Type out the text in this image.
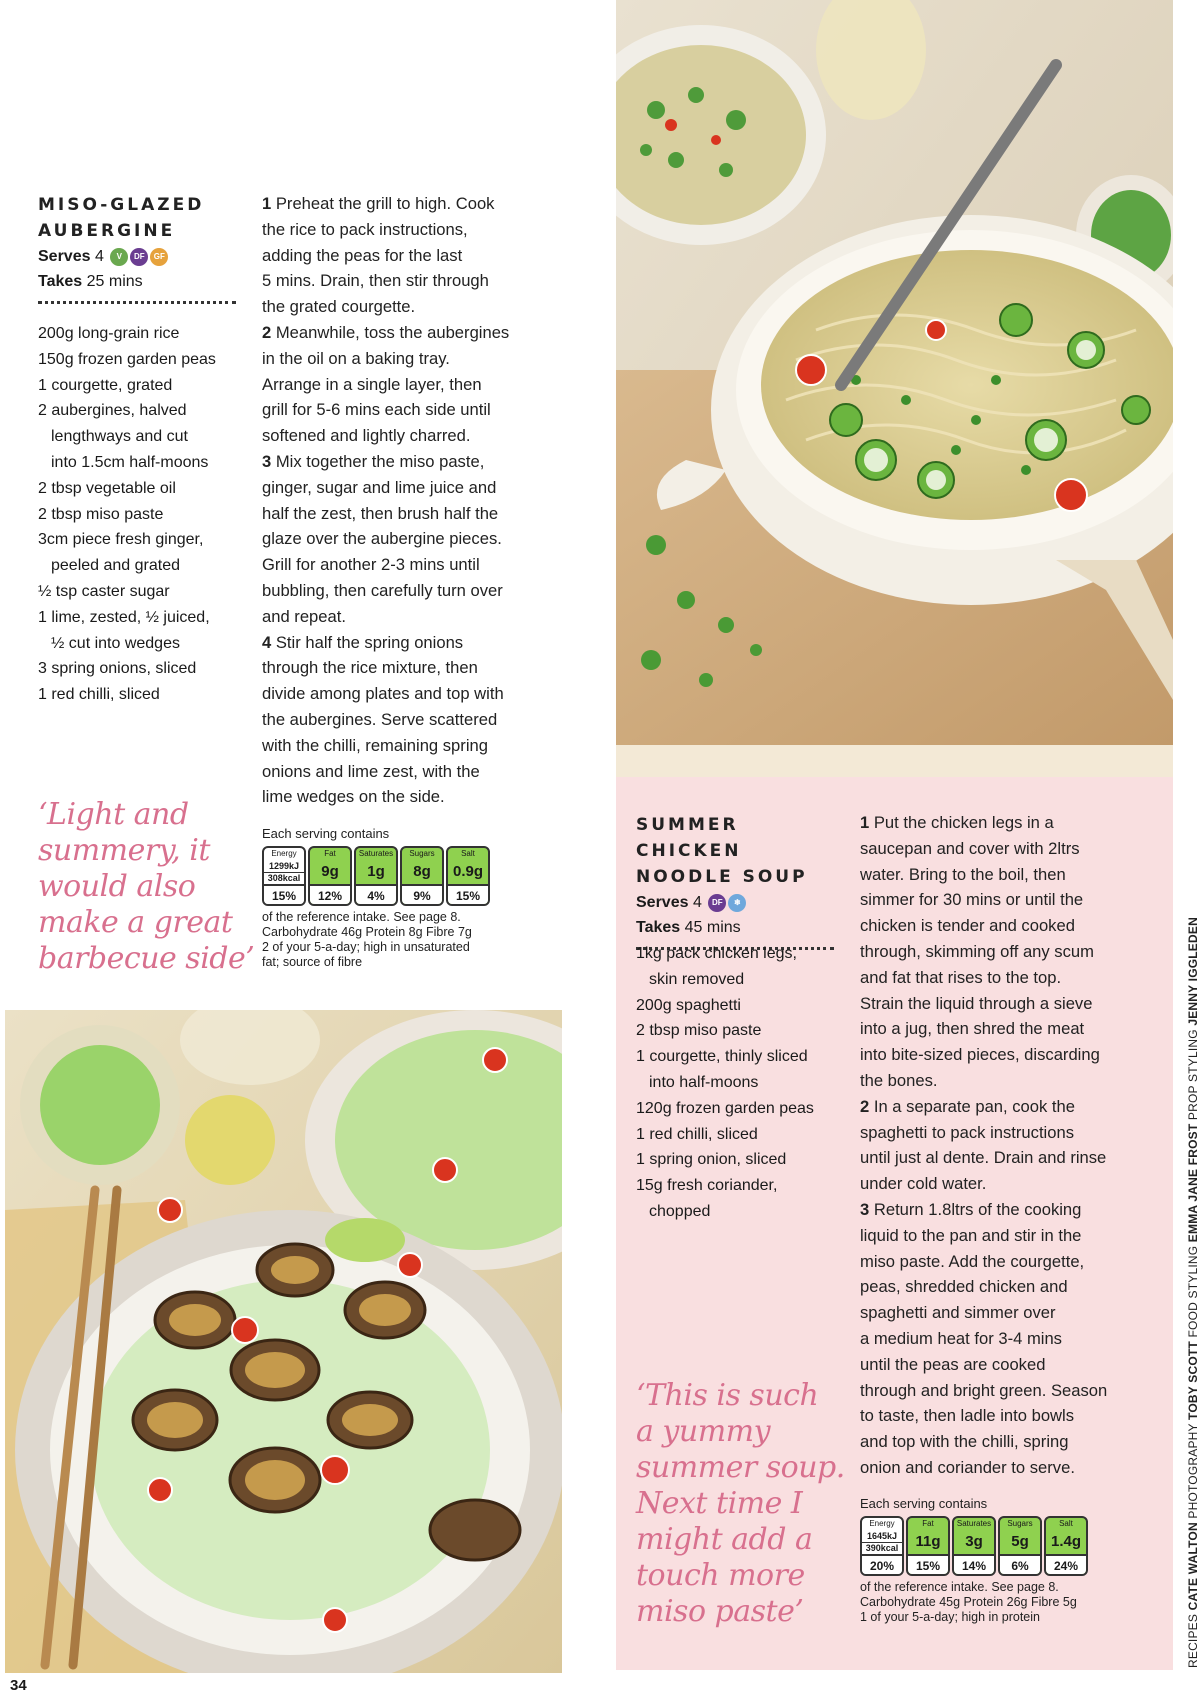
MISO-GLAZED
AUBERGINE
Serves 4 V DF GF
Takes 25 mins
200g long-grain rice
150g frozen garden peas
1 courgette, grated
2 aubergines, halved
lengthways and cut
into 1.5cm half-moons
2 tbsp vegetable oil
2 tbsp miso paste
3cm piece fresh ginger,
peeled and grated
½ tsp caster sugar
1 lime, zested, ½ juiced,
½ cut into wedges
3 spring onions, sliced
1 red chilli, sliced

1 Preheat the grill to high. Cook
the rice to pack instructions,
adding the peas for the last
5 mins. Drain, then stir through
the grated courgette.

2 Meanwhile, toss the aubergines
in the oil on a baking tray.
Arrange in a single layer, then
grill for 5-6 mins each side until
softened and lightly charred.

3 Mix together the miso paste,
ginger, sugar and lime juice and
half the zest, then brush half the
glaze over the aubergine pieces.
Grill for another 2-3 mins until
bubbling, then carefully turn over
and repeat.

4 Stir half the spring onions
through the rice mixture, then
divide among plates and top with
the aubergines. Serve scattered
with the chilli, remaining spring
onions and lime zest, with the
lime wedges on the side.

‘Light and
summery, it
would also
make a great
barbecue side’
Each serving contains
Energy
1299kJ
308kcal
15%
Fat
9g
12%
Saturates
1g
4%
Sugars
8g
9%
Salt
0.9g
15%
of the reference intake. See page 8.
Carbohydrate 46g Protein 8g Fibre 7g
2 of your 5-a-day; high in unsaturated
fat; source of fibre
SUMMER CHICKEN
NOODLE SOUP
Serves 4 DF ❄
Takes 45 mins
1kg pack chicken legs,
skin removed
200g spaghetti
2 tbsp miso paste
1 courgette, thinly sliced
into half-moons
120g frozen garden peas
1 red chilli, sliced
1 spring onion, sliced
15g fresh coriander,
chopped

1 Put the chicken legs in a
saucepan and cover with 2ltrs
water. Bring to the boil, then
simmer for 30 mins or until the
chicken is tender and cooked
through, skimming off any scum
and fat that rises to the top.
Strain the liquid through a sieve
into a jug, then shred the meat
into bite-sized pieces, discarding
the bones.

2 In a separate pan, cook the
spaghetti to pack instructions
until just al dente. Drain and rinse
under cold water.

3 Return 1.8ltrs of the cooking
liquid to the pan and stir in the
miso paste. Add the courgette,
peas, shredded chicken and
spaghetti and simmer over
a medium heat for 3-4 mins
until the peas are cooked
through and bright green. Season
to taste, then ladle into bowls
and top with the chilli, spring
onion and coriander to serve.

‘This is such
a yummy
summer soup.
Next time I
might add a
touch more
miso paste’
Each serving contains
Energy
1645kJ
390kcal
20%
Fat
11g
15%
Saturates
3g
14%
Sugars
5g
6%
Salt
1.4g
24%
of the reference intake. See page 8.
Carbohydrate 45g Protein 26g Fibre 5g
1 of your 5-a-day; high in protein	RECIPES CATE WALTON PHOTOGRAPHY TOBY SCOTT FOOD STYLING EMMA JANE FROST PROP STYLING JENNY IGGLEDEN
34
